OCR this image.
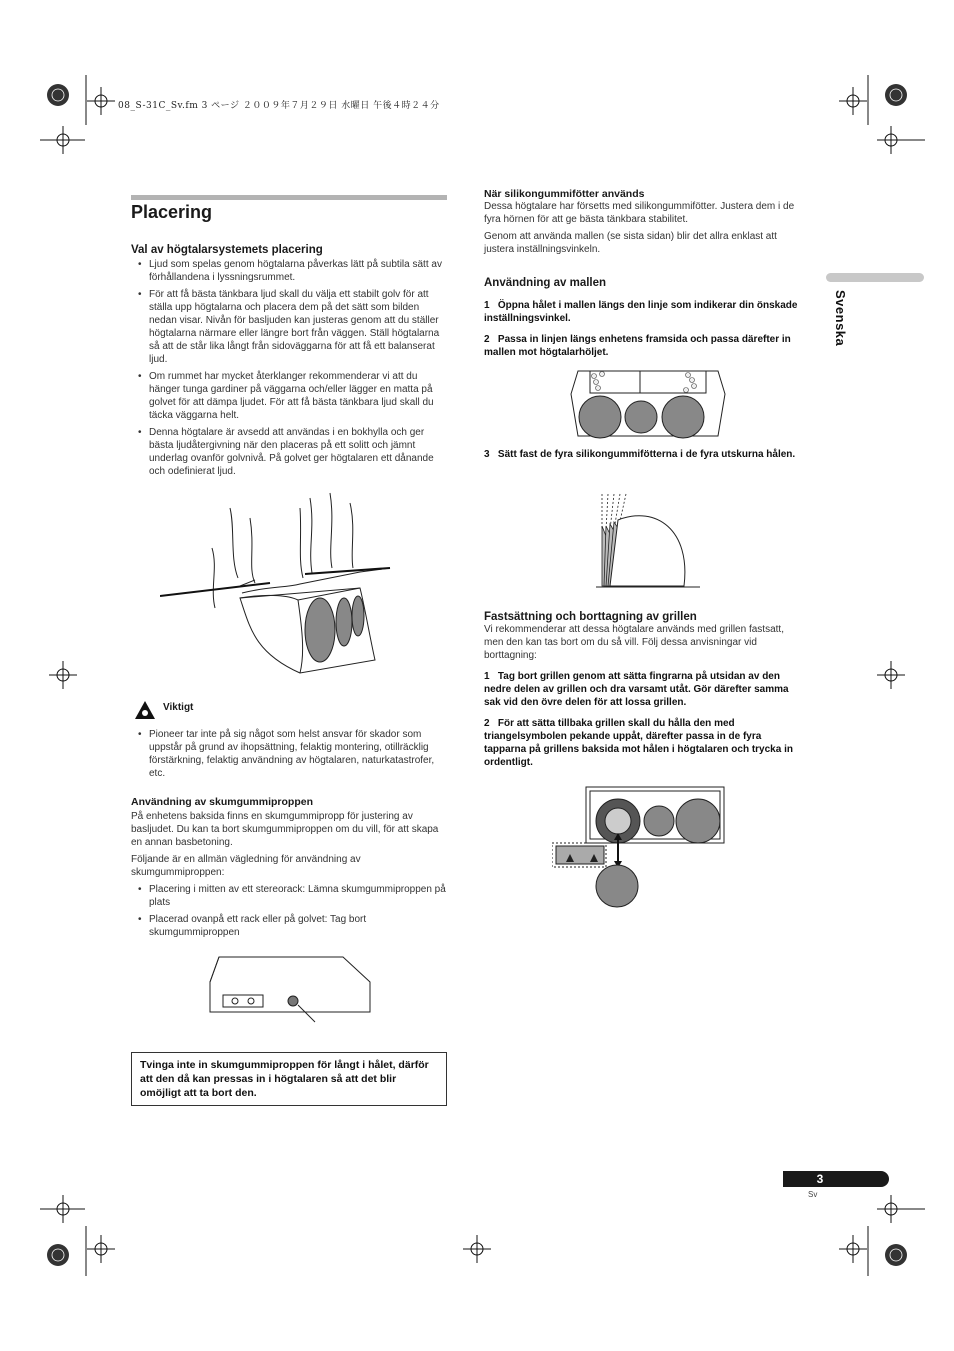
08_S-31C_Sv.fm 3 ページ ２００９年７月２９日 水曜日 午後４時２４分
Placering
Val av högtalarsystemets placering
• Ljud som spelas genom högtalarna påverkas lätt på subtila sätt av förhållandena i lyssningsrummet.
• För att få bästa tänkbara ljud skall du välja ett stabilt golv för att ställa upp högtalarna och placera dem på det sätt som bilden nedan visar. Nivån för basljuden kan justeras genom att du ställer högtalarna närmare eller längre bort från väggen. Ställ högtalarna så att de står lika långt från sidoväggarna för att få ett balanserat ljud.
• Om rummet har mycket återklanger rekommenderar vi att du hänger tunga gardiner på väggarna och/eller lägger en matta på golvet för att dämpa ljudet. För att få bästa tänkbara ljud skall du täcka väggarna helt.
• Denna högtalare är avsedd att användas i en bokhylla och ger bästa ljudåtergivning när den placeras på ett solitt och jämnt underlag ovanför golvnivå. På golvet ger högtalaren ett dånande och odefinierat ljud.
Viktigt
• Pioneer tar inte på sig något som helst ansvar för skador som uppstår på grund av ihopsättning, felaktig montering, otillräcklig förstärkning, felaktig användning av högtalaren, naturkatastrofer, etc.
Användning av skumgummiproppen
På enhetens baksida finns en skumgummipropp för justering av basljudet. Du kan ta bort skumgummiproppen om du vill, för att skapa en annan basbetoning.
Följande är en allmän vägledning för användning av skumgummiproppen:
• Placering i mitten av ett stereorack: Lämna skumgummiproppen på plats
• Placerad ovanpå ett rack eller på golvet: Tag bort skumgummiproppen
Tvinga inte in skumgummiproppen för långt i hålet, därför att den då kan pressas in i högtalaren så att det blir omöjligt att ta bort den.
När silikongummifötter används
Dessa högtalare har försetts med silikongummifötter. Justera dem i de fyra hörnen för att ge bästa tänkbara stabilitet.
Genom att använda mallen (se sista sidan) blir det allra enklast att justera inställningsvinkeln.
Användning av mallen
1 Öppna hålet i mallen längs den linje som indikerar din önskade inställningsvinkel.
2 Passa in linjen längs enhetens framsida och passa därefter in mallen mot högtalarhöljet.
3 Sätt fast de fyra silikongummifötterna i de fyra utskurna hålen.
Fastsättning och borttagning av grillen
Vi rekommenderar att dessa högtalare används med grillen fastsatt, men den kan tas bort om du så vill. Följ dessa anvisningar vid borttagning:
1 Tag bort grillen genom att sätta fingrarna på utsidan av den nedre delen av grillen och dra varsamt utåt. Gör därefter samma sak vid den övre delen för att lossa grillen.
2 För att sätta tillbaka grillen skall du hålla den med triangelsymbolen pekande uppåt, därefter passa in de fyra tapparna på grillens baksida mot hålen i högtalaren och trycka in ordentligt.
Svenska
3
Sv
